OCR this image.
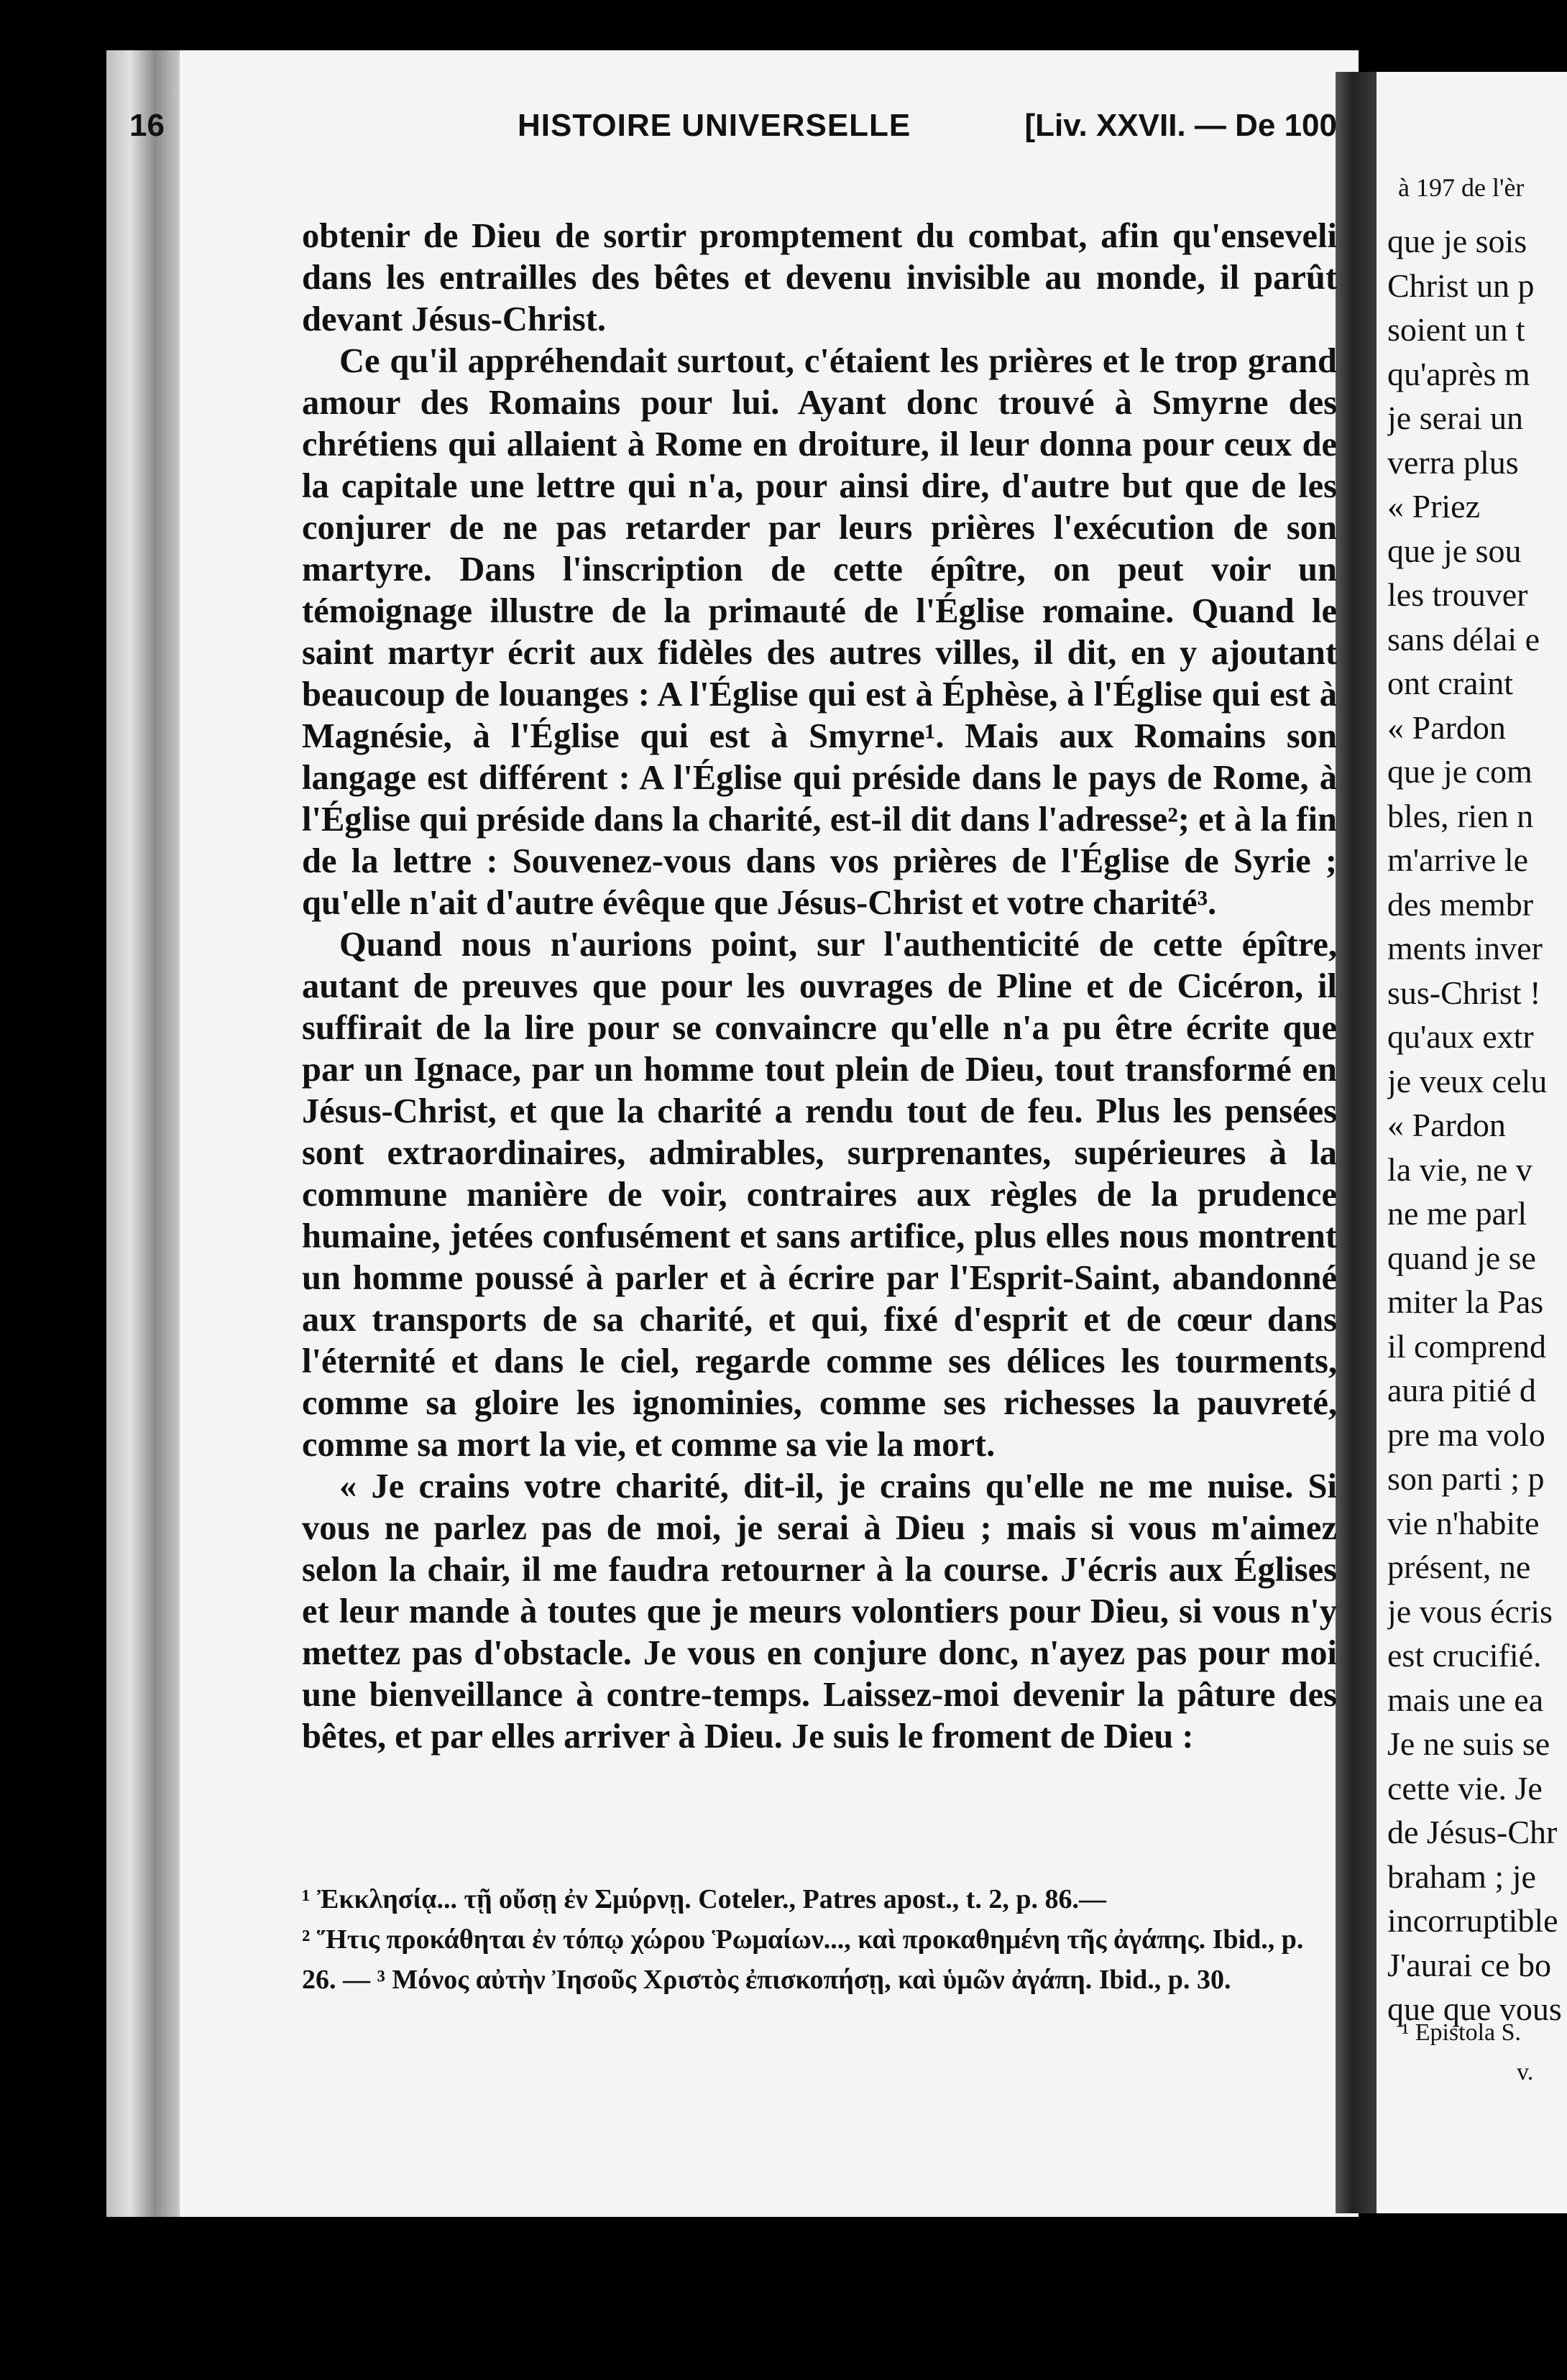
16	HISTOIRE UNIVERSELLE	[Liv. XXVII. — De 100

obtenir de Dieu de sortir promptement du combat, afin qu'enseveli dans les entrailles des bêtes et devenu invisible au monde, il parût devant Jésus-Christ.

Ce qu'il appréhendait surtout, c'étaient les prières et le trop grand amour des Romains pour lui. Ayant donc trouvé à Smyrne des chrétiens qui allaient à Rome en droiture, il leur donna pour ceux de la capitale une lettre qui n'a, pour ainsi dire, d'autre but que de les conjurer de ne pas retarder par leurs prières l'exécution de son martyre. Dans l'inscription de cette épître, on peut voir un témoignage illustre de la primauté de l'Église romaine. Quand le saint martyr écrit aux fidèles des autres villes, il dit, en y ajoutant beaucoup de louanges : A l'Église qui est à Éphèse, à l'Église qui est à Magnésie, à l'Église qui est à Smyrne¹. Mais aux Romains son langage est différent : A l'Église qui préside dans le pays de Rome, à l'Église qui préside dans la charité, est-il dit dans l'adresse²; et à la fin de la lettre : Souvenez-vous dans vos prières de l'Église de Syrie ; qu'elle n'ait d'autre évêque que Jésus-Christ et votre charité³.

Quand nous n'aurions point, sur l'authenticité de cette épître, autant de preuves que pour les ouvrages de Pline et de Cicéron, il suffirait de la lire pour se convaincre qu'elle n'a pu être écrite que par un Ignace, par un homme tout plein de Dieu, tout transformé en Jésus-Christ, et que la charité a rendu tout de feu. Plus les pensées sont extraordinaires, admirables, surprenantes, supérieures à la commune manière de voir, contraires aux règles de la prudence humaine, jetées confusément et sans artifice, plus elles nous montrent un homme poussé à parler et à écrire par l'Esprit-Saint, abandonné aux transports de sa charité, et qui, fixé d'esprit et de cœur dans l'éternité et dans le ciel, regarde comme ses délices les tourments, comme sa gloire les ignominies, comme ses richesses la pauvreté, comme sa mort la vie, et comme sa vie la mort.

« Je crains votre charité, dit-il, je crains qu'elle ne me nuise. Si vous ne parlez pas de moi, je serai à Dieu ; mais si vous m'aimez selon la chair, il me faudra retourner à la course. J'écris aux Églises et leur mande à toutes que je meurs volontiers pour Dieu, si vous n'y mettez pas d'obstacle. Je vous en conjure donc, n'ayez pas pour moi une bienveillance à contre-temps. Laissez-moi devenir la pâture des bêtes, et par elles arriver à Dieu. Je suis le froment de Dieu :

¹ Ἐκκλησίᾳ... τῇ οὔσῃ ἐν Σμύρνῃ. Coteler., Patres apost., t. 2, p. 86.—

² Ἥτις προκάθηται ἐν τόπῳ χώρου Ῥωμαίων..., καὶ προκαθημένη τῆς ἀγάπης. Ibid., p. 26. — ³ Μόνος αὐτὴν Ἰησοῦς Χριστὸς ἐπισκοπήσῃ, καὶ ὑμῶν ἀγάπη. Ibid., p. 30.

à 197 de l'èr
que je sois
Christ un p
soient un t
qu'après m
je serai un
verra plus
« Priez
que je sou
les trouver
sans délai e
ont craint
« Pardon
que je com
bles, rien n
m'arrive le
des membr
ments inver
sus-Christ !
qu'aux extr
je veux celu
« Pardon
la vie, ne v
ne me parl
quand je se
miter la Pas
il comprend
aura pitié d
pre ma volo
son parti ; p
vie n'habite
présent, ne
je vous écris
est crucifié.
mais une ea
Je ne suis se
cette vie. Je
de Jésus-Chr
braham ; je
incorruptible
J'aurai ce bo
que que vous
¹ Epistola S.
v.
